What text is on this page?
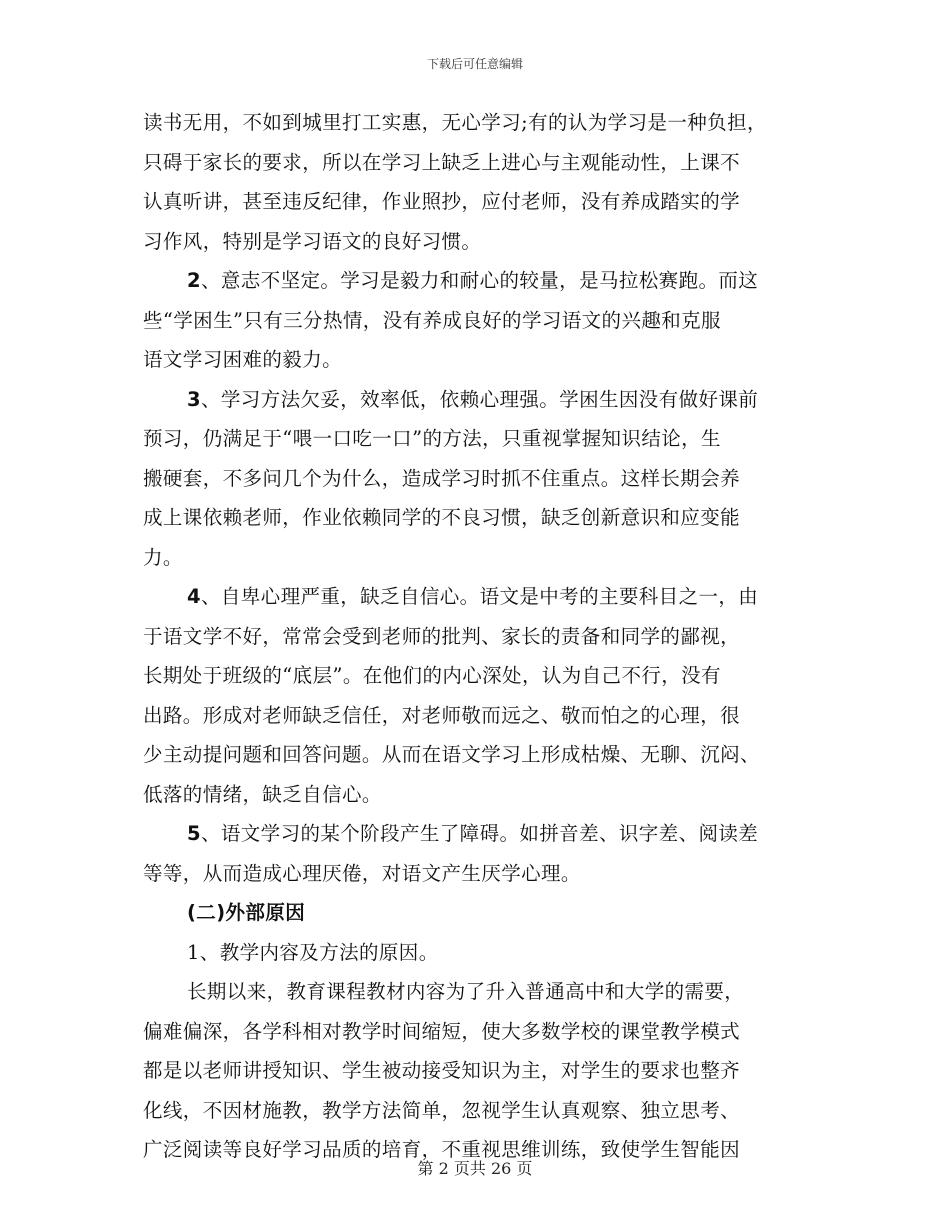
下载后可任意编辑
读书无用，不如到城里打工实惠，无心学习;有的认为学习是一种负担，
只碍于家长的要求，所以在学习上缺乏上进心与主观能动性，上课不
认真听讲，甚至违反纪律，作业照抄，应付老师，没有养成踏实的学
习作风，特别是学习语文的良好习惯。
2、意志不坚定。学习是毅力和耐心的较量，是马拉松赛跑。而这
些“学困生”只有三分热情，没有养成良好的学习语文的兴趣和克服
语文学习困难的毅力。
3、学习方法欠妥，效率低，依赖心理强。学困生因没有做好课前
预习，仍满足于“喂一口吃一口”的方法，只重视掌握知识结论，生
搬硬套，不多问几个为什么，造成学习时抓不住重点。这样长期会养
成上课依赖老师，作业依赖同学的不良习惯，缺乏创新意识和应变能
力。
4、自卑心理严重，缺乏自信心。语文是中考的主要科目之一，由
于语文学不好，常常会受到老师的批判、家长的责备和同学的鄙视，
长期处于班级的“底层”。在他们的内心深处，认为自己不行，没有
出路。形成对老师缺乏信任，对老师敬而远之、敬而怕之的心理，很
少主动提问题和回答问题。从而在语文学习上形成枯燥、无聊、沉闷、
低落的情绪，缺乏自信心。
5、语文学习的某个阶段产生了障碍。如拼音差、识字差、阅读差
等等，从而造成心理厌倦，对语文产生厌学心理。
(二)外部原因
1、教学内容及方法的原因。
长期以来，教育课程教材内容为了升入普通高中和大学的需要，
偏难偏深，各学科相对教学时间缩短，使大多数学校的课堂教学模式
都是以老师讲授知识、学生被动接受知识为主，对学生的要求也整齐
化线，不因材施教，教学方法简单，忽视学生认真观察、独立思考、
广泛阅读等良好学习品质的培育，不重视思维训练，致使学生智能因
第 2 页共 26 页
